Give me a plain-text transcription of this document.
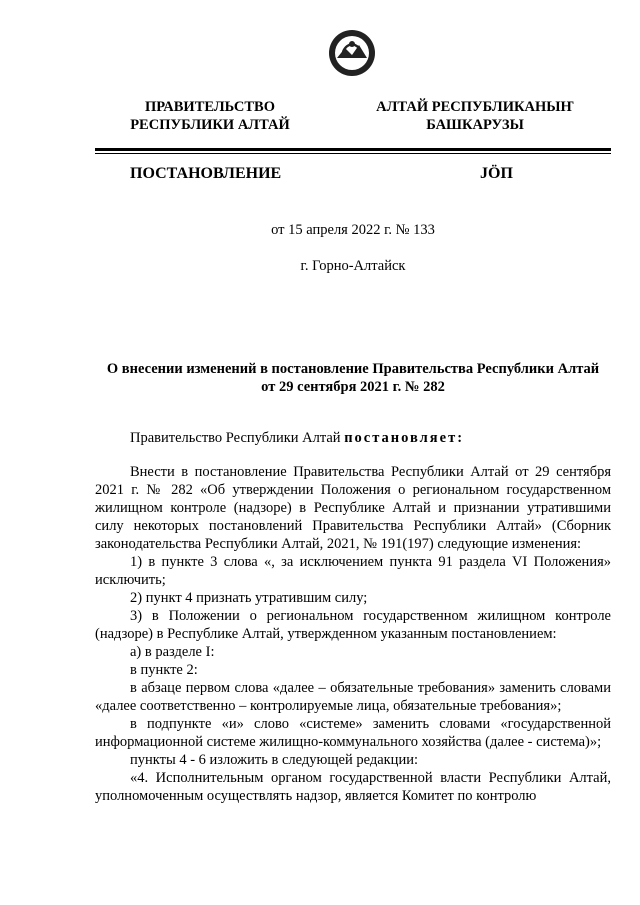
ПРАВИТЕЛЬСТВО
РЕСПУБЛИКИ АЛТАЙ
АЛТАЙ РЕСПУБЛИКАНЫҤ
БАШКАРУЗЫ
ПОСТАНОВЛЕНИЕ	JÖП
от 15 апреля 2022 г. № 133
г. Горно-Алтайск
О внесении изменений в постановление Правительства Республики Алтай
от 29 сентября 2021 г. № 282

Правительство Республики Алтай постановляет:

Внести в постановление Правительства Республики Алтай от 29 сентября 2021 г. № 282 «Об утверждении Положения о региональном государственном жилищном контроле (надзоре) в Республике Алтай и признании утратившими силу некоторых постановлений Правительства Республики Алтай» (Сборник законодательства Республики Алтай, 2021, № 191(197) следующие изменения:

1) в пункте 3 слова «, за исключением пункта 91 раздела VI Положения» исключить;

2) пункт 4 признать утратившим силу;

3) в Положении о региональном государственном жилищном контроле (надзоре) в Республике Алтай, утвержденном указанным постановлением:

а) в разделе I:

в пункте 2:

в абзаце первом слова «далее – обязательные требования» заменить словами «далее соответственно – контролируемые лица, обязательные требования»;

в подпункте «и» слово «системе» заменить словами «государственной информационной системе жилищно-коммунального хозяйства (далее - система)»;

пункты 4 - 6 изложить в следующей редакции:

«4. Исполнительным органом государственной власти Республики Алтай, уполномоченным осуществлять надзор, является Комитет по контролю
